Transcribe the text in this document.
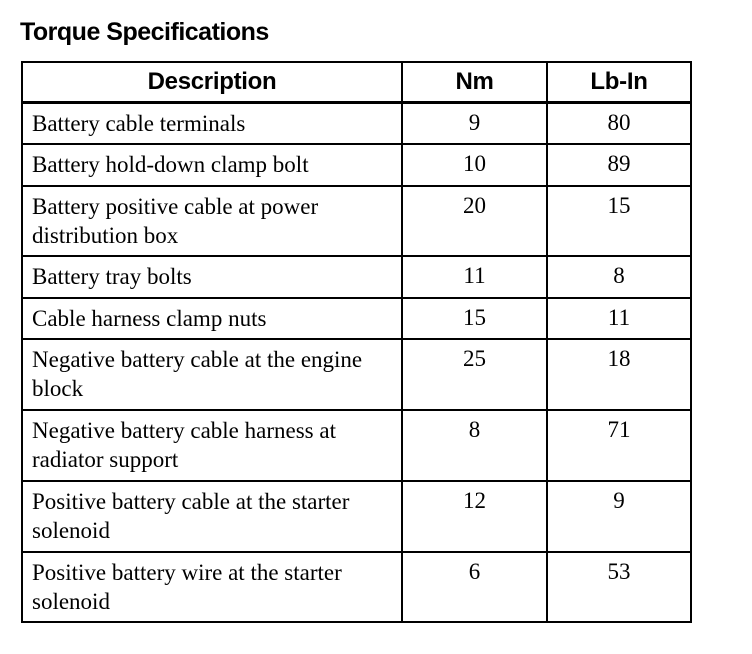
Torque Specifications
Description	Nm	Lb-In
Battery cable terminals	9	80
Battery hold-down clamp bolt	10	89
Battery positive cable at power distribution box	20	15
Battery tray bolts	11	8
Cable harness clamp nuts	15	11
Negative battery cable at the engine block	25	18
Negative battery cable harness at radiator support	8	71
Positive battery cable at the starter solenoid	12	9
Positive battery wire at the starter solenoid	6	53
